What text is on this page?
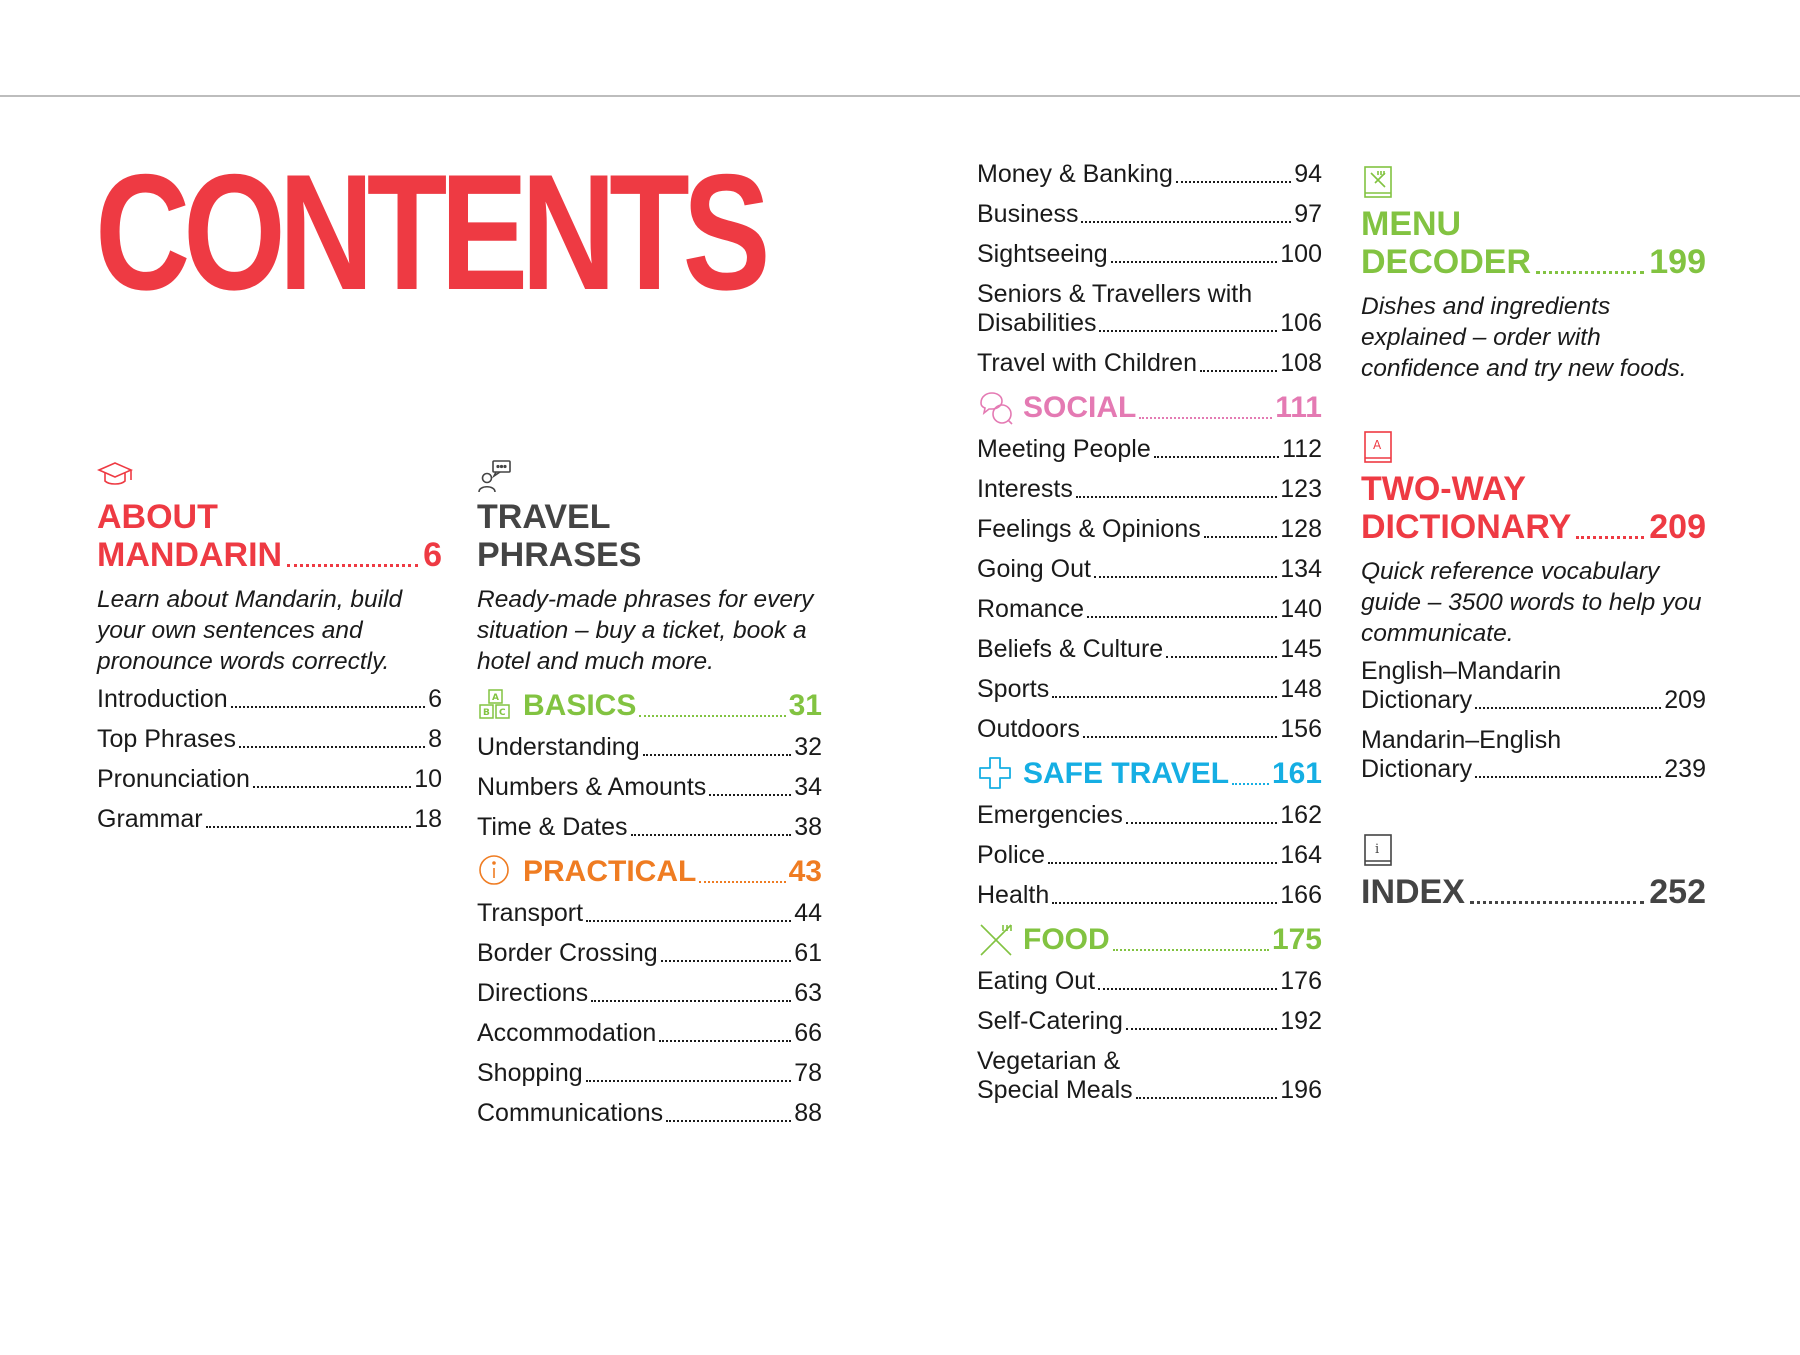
CONTENTS
ABOUT
MANDARIN	6
Learn about Mandarin, build your own sentences and pronounce words correctly.
Introduction	6
Top Phrases	8
Pronunciation	10
Grammar	18
TRAVEL
PHRASES
Ready-made phrases for every situation – buy a ticket, book a hotel and much more.
A
B C BASICS	31
Understanding	32
Numbers & Amounts	34
Time & Dates	38
PRACTICAL	43
Transport	44
Border Crossing	61
Directions	63
Accommodation	66
Shopping	78
Communications	88
Money & Banking	94
Business	97
Sightseeing	100
Seniors & Travellers with
Disabilities	106
Travel with Children	108
SOCIAL	111
Meeting People	112
Interests	123
Feelings & Opinions	128
Going Out	134
Romance	140
Beliefs & Culture	145
Sports	148
Outdoors	156
SAFE TRAVEL 161
Emergencies	162
Police	164
Health	166
FOOD	175
Eating Out	176
Self-Catering	192
Vegetarian &
Special Meals	196
MENU
DECODER	199
Dishes and ingredients explained – order with confidence and try new foods.
A
TWO-WAY
DICTIONARY 209
Quick reference vocabulary guide – 3500 words to help you communicate.
English–Mandarin
Dictionary	209
Mandarin–English
Dictionary	239
i
INDEX	252
